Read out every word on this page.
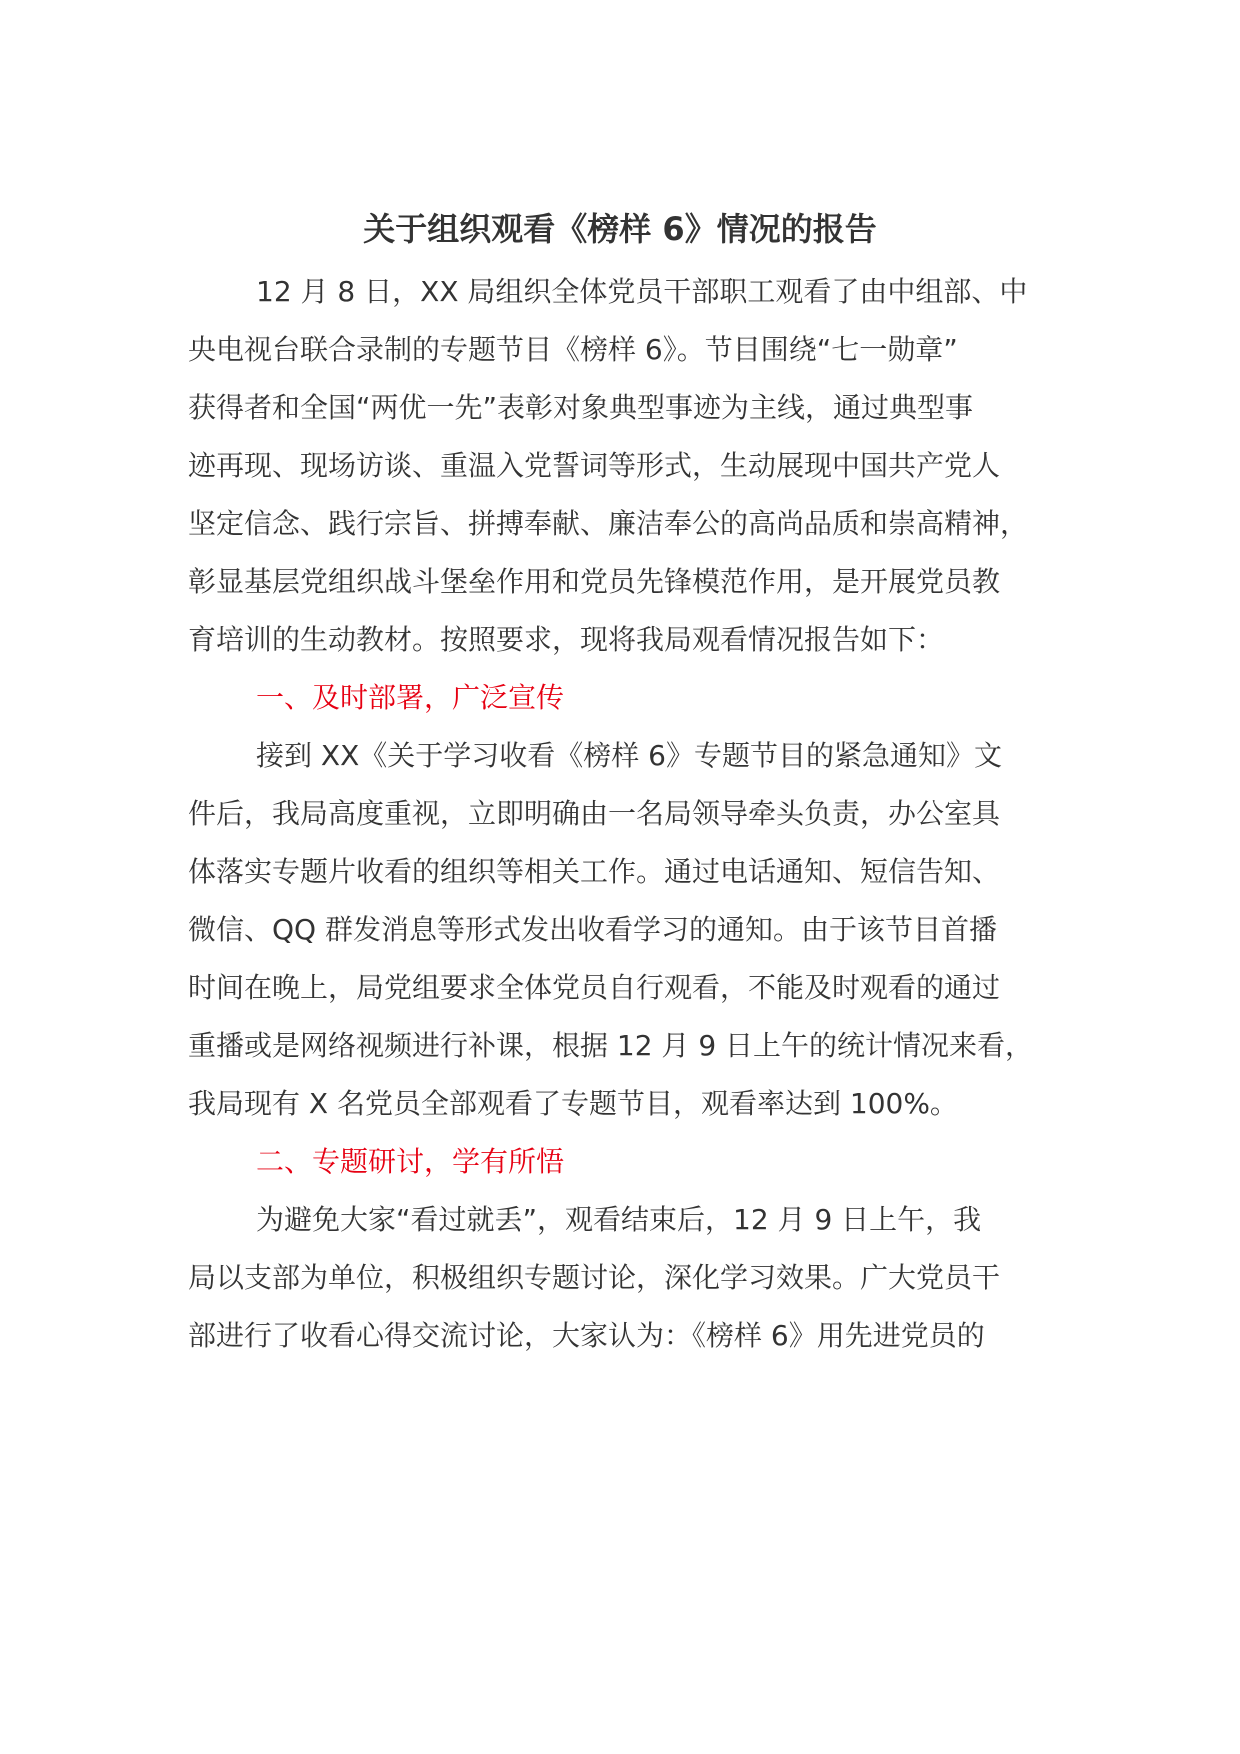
关于组织观看《榜样 6》情况的报告
12 月 8 日，XX 局组织全体党员干部职工观看了由中组部、中
央电视台联合录制的专题节目《榜样 6》。节目围绕“七一勋章”
获得者和全国“两优一先”表彰对象典型事迹为主线，通过典型事
迹再现、现场访谈、重温入党誓词等形式，生动展现中国共产党人
坚定信念、践行宗旨、拼搏奉献、廉洁奉公的高尚品质和崇高精神，
彰显基层党组织战斗堡垒作用和党员先锋模范作用，是开展党员教
育培训的生动教材。按照要求，现将我局观看情况报告如下：
一、及时部署，广泛宣传
接到 XX《关于学习收看《榜样 6》专题节目的紧急通知》文
件后，我局高度重视，立即明确由一名局领导牵头负责，办公室具
体落实专题片收看的组织等相关工作。通过电话通知、短信告知、
微信、QQ 群发消息等形式发出收看学习的通知。由于该节目首播
时间在晚上，局党组要求全体党员自行观看，不能及时观看的通过
重播或是网络视频进行补课，根据 12 月 9 日上午的统计情况来看，
我局现有 X 名党员全部观看了专题节目，观看率达到 100%。
二、专题研讨，学有所悟
为避免大家“看过就丢”，观看结束后，12 月 9 日上午，我
局以支部为单位，积极组织专题讨论，深化学习效果。广大党员干
部进行了收看心得交流讨论，大家认为：《榜样 6》用先进党员的
